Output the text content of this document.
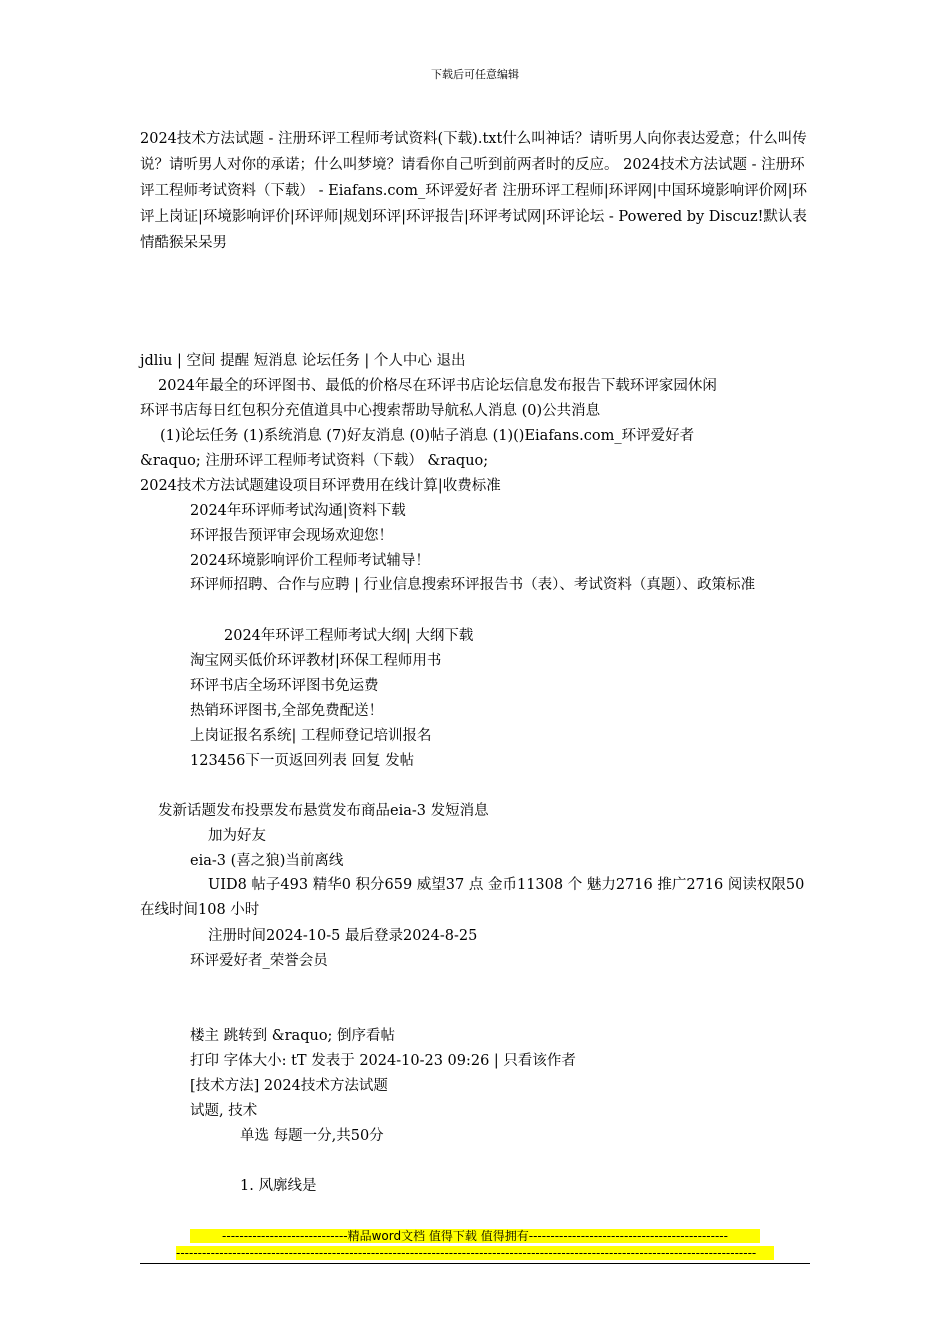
下载后可任意编辑
2024技术方法试题 - 注册环评工程师考试资料(下载).txt什么叫神话？请听男人向你表达爱意；什么叫传说？请听男人对你的承诺；什么叫梦境？请看你自己听到前两者时的反应。 2024技术方法试题 - 注册环评工程师考试资料（下载） - Eiafans.com_环评爱好者 注册环评工程师|环评网|中国环境影响评价网|环评上岗证|环境影响评价|环评师|规划环评|环评报告|环评考试网|环评论坛 - Powered by Discuz!默认表情酷猴呆呆男
jdliu | 空间 提醒 短消息 论坛任务 | 个人中心 退出
2024年最全的环评图书、最低的价格尽在环评书店论坛信息发布报告下载环评家园休闲
环评书店每日红包积分充值道具中心搜索帮助导航私人消息 (0)公共消息
(1)论坛任务 (1)系统消息 (7)好友消息 (0)帖子消息 (1)()Eiafans.com_环评爱好者
&raquo; 注册环评工程师考试资料（下载） &raquo;
2024技术方法试题建设项目环评费用在线计算|收费标准
2024年环评师考试沟通|资料下载
环评报告预评审会现场欢迎您！
2024环境影响评价工程师考试辅导！
环评师招聘、合作与应聘 | 行业信息搜索环评报告书（表）、考试资料（真题）、政策标准
2024年环评工程师考试大纲| 大纲下载
淘宝网买低价环评教材|环保工程师用书
环评书店全场环评图书免运费
热销环评图书,全部免费配送！
上岗证报名系统| 工程师登记培训报名
123456下一页返回列表 回复 发帖
发新话题发布投票发布悬赏发布商品eia-3 发短消息
加为好友
eia-3 (喜之狼)当前离线
UID8 帖子493 精华0 积分659 威望37 点 金币11308 个 魅力2716 推广2716 阅读权限50 在线时间108 小时
注册时间2024-10-5 最后登录2024-8-25
环评爱好者_荣誉会员
楼主 跳转到 &raquo; 倒序看帖
打印 字体大小: tT 发表于 2024-10-23 09:26 | 只看该作者
[技术方法] 2024技术方法试题
试题, 技术
单选 每题一分,共50分
1. 风廓线是
-----------------------------精品word文档 值得下载 值得拥有----------------------------------------------
--------------------------------------------------------------------------------------------------------------------------------------
